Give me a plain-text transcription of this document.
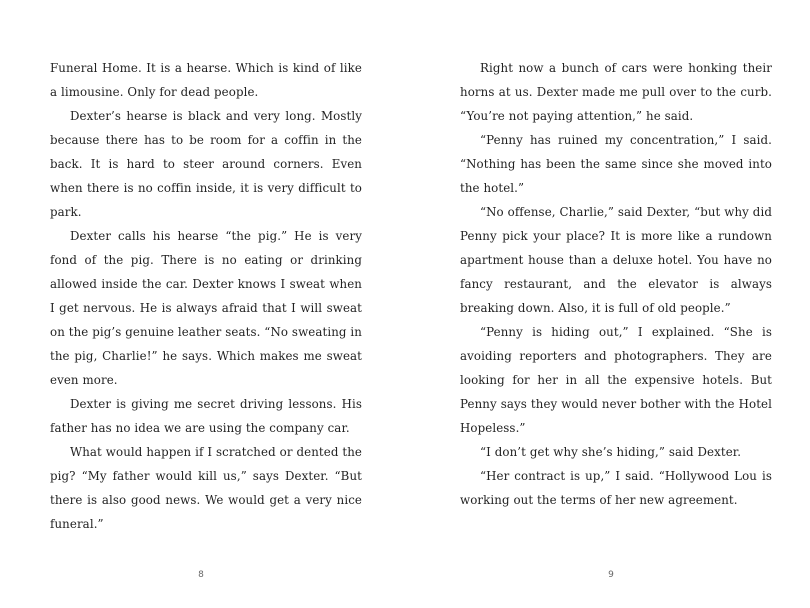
Funeral Home. It is a hearse. Which is kind of like a limousine. Only for dead people.

Dexter’s hearse is black and very long. Mostly because there has to be room for a coffin in the back. It is hard to steer around corners. Even when there is no coffin inside, it is very difficult to park.

Dexter calls his hearse “the pig.” He is very fond of the pig. There is no eating or drinking allowed inside the car. Dexter knows I sweat when I get nervous. He is always afraid that I will sweat on the pig’s genuine leather seats. “No sweating in the pig, Charlie!” he says. Which makes me sweat even more.

Dexter is giving me secret driving lessons. His father has no idea we are using the company car.

What would happen if I scratched or dented the pig? “My father would kill us,” says Dexter. “But there is also good news. We would get a very nice funeral.”

Right now a bunch of cars were honking their horns at us. Dexter made me pull over to the curb. “You’re not paying attention,” he said.

“Penny has ruined my concentration,” I said. “Nothing has been the same since she moved into the hotel.”

“No offense, Charlie,” said Dexter, “but why did Penny pick your place? It is more like a rundown apartment house than a deluxe hotel. You have no fancy restaurant, and the elevator is always breaking down. Also, it is full of old people.”

“Penny is hiding out,” I explained. “She is avoiding reporters and photographers. They are looking for her in all the expensive hotels. But Penny says they would never bother with the Hotel Hopeless.”

“I don’t get why she’s hiding,” said Dexter.

“Her contract is up,” I said. “Hollywood Lou is working out the terms of her new agreement.

8	9
